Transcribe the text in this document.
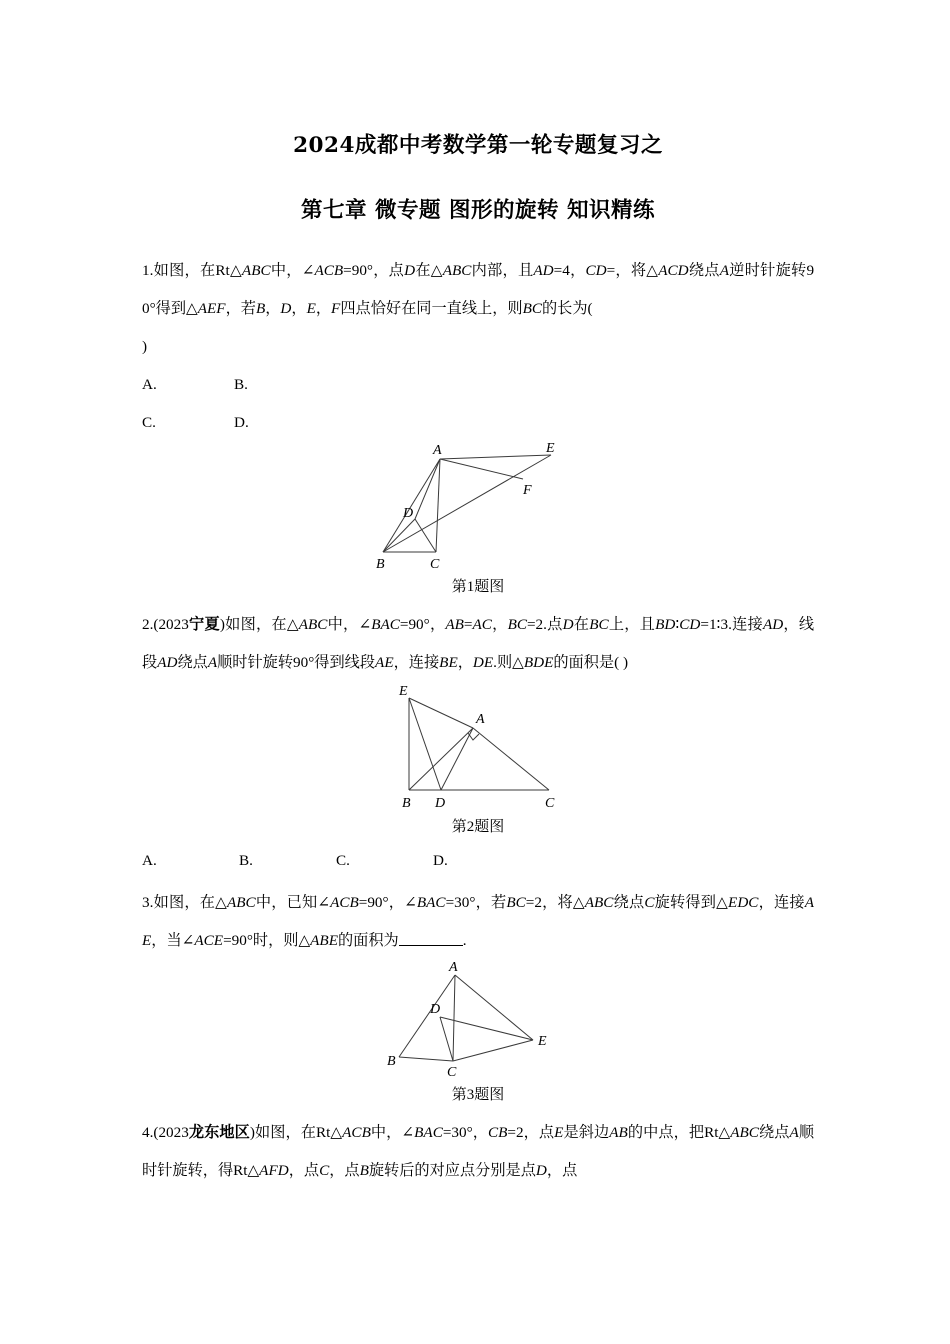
2024成都中考数学第一轮专题复习之
第七章 微专题 图形的旋转 知识精练
1.如图，在Rt△ABC中，∠ACB=90°，点D在△ABC内部，且AD=4，CD=，将△ACD绕点A逆时针旋转90°得到△AEF，若B，D，E，F四点恰好在同一直线上，则BC的长为(
)
A.	B.
C.	D.
A
B	C
D
E
F
第1题图
2.(2023宁夏)如图，在△ABC中，∠BAC=90°，AB=AC，BC=2.点D在BC上，且BD∶CD=1∶3.连接AD，线段AD绕点A顺时针旋转90°得到线段AE，连接BE，DE.则△BDE的面积是( )
E
A
B D	C
第2题图
A.	B.	C.	D.
3.如图，在△ABC中，已知∠ACB=90°，∠BAC=30°，若BC=2，将△ABC绕点C旋转得到△EDC，连接AE，当∠ACE=90°时，则△ABE的面积为	.
A
B
C
D
E
第3题图
4.(2023龙东地区)如图，在Rt△ACB中，∠BAC=30°，CB=2，点E是斜边AB的中点，把Rt△ABC绕点A顺时针旋转，得Rt△AFD，点C，点B旋转后的对应点分别是点D，点
